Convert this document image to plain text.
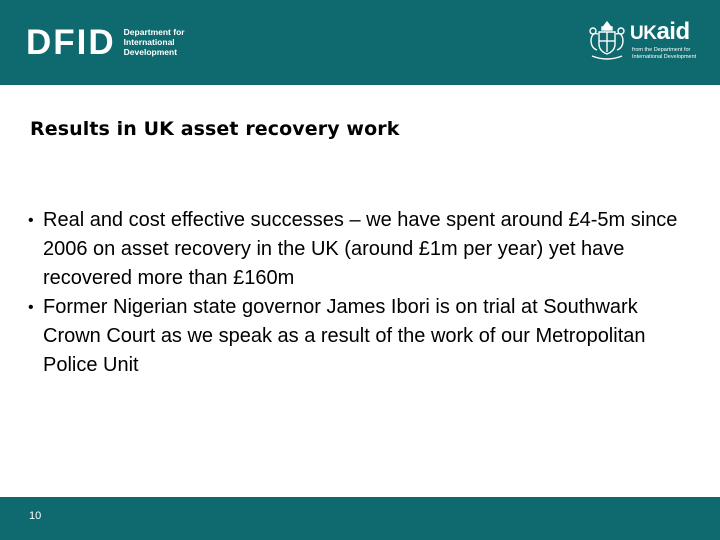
DFID Department for
International
Development
UKaid
from the Department for International Development
Results in UK asset recovery work
• Real and cost effective successes – we have spent around £4-5m since 2006 on asset recovery in the UK (around £1m per year) yet have recovered more than £160m
• Former Nigerian state governor James Ibori is on trial at Southwark Crown Court as we speak as a result of the work of our Metropolitan Police Unit
10
